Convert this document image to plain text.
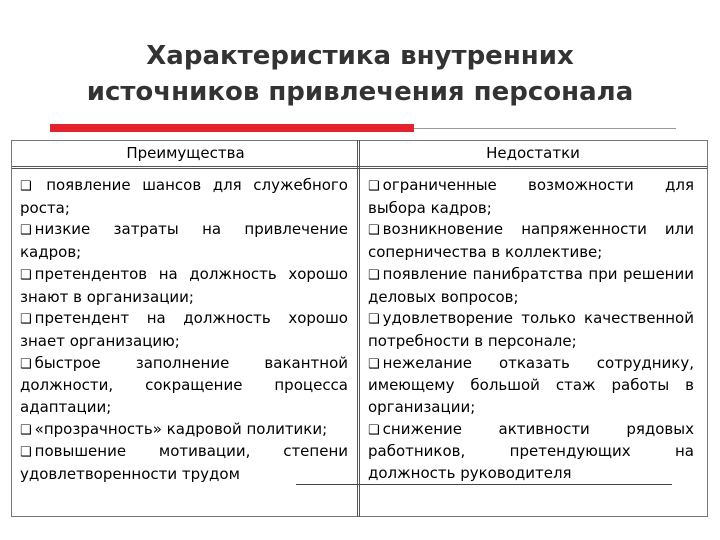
Характеристика внутренних
источников привлечения персонала
Преимущества	Недостатки

❑ появление шансов для служебного роста;

❑ низкие затраты на привлечение кадров;

❑ претендентов на должность хорошо знают в организации;

❑ претендент на должность хорошо знает организацию;

❑ быстрое заполнение вакантной должности, сокращение процесса адаптации;

❑ «прозрачность» кадровой политики;

❑ повышение мотивации, степени удовлетворенности трудом

❑ ограниченные возможности для выбора кадров;

❑ возникновение напряженности или соперничества в коллективе;

❑ появление панибратства при решении деловых вопросов;

❑ удовлетворение только качественной потребности в персонале;

❑ нежелание отказать сотруднику, имеющему большой стаж работы в организации;

❑ снижение активности рядовых работников, претендующих на должность руководителя
